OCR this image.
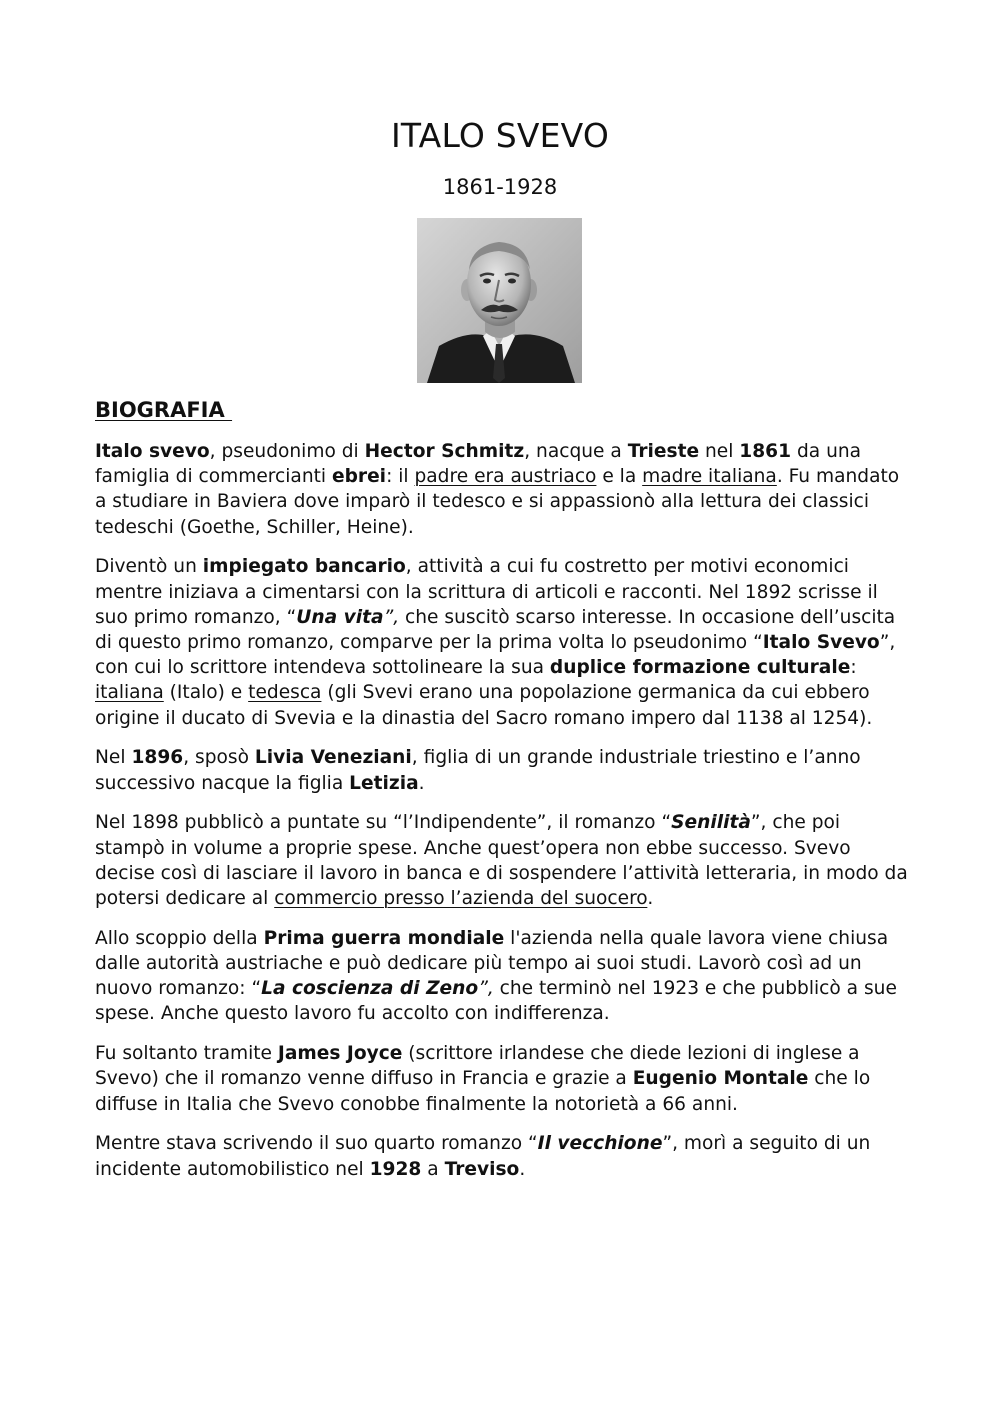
ITALO SVEVO
1861-1928
BIOGRAFIA

Italo svevo, pseudonimo di Hector Schmitz, nacque a Trieste nel 1861 da una famiglia di commercianti ebrei: il padre era austriaco e la madre italiana. Fu mandato a studiare in Baviera dove imparò il tedesco e si appassionò alla lettura dei classici tedeschi (Goethe, Schiller, Heine).

Diventò un impiegato bancario, attività a cui fu costretto per motivi economici mentre iniziava a cimentarsi con la scrittura di articoli e racconti. Nel 1892 scrisse il suo primo romanzo, “Una vita”, che suscitò scarso interesse. In occasione dell’uscita di questo primo romanzo, comparve per la prima volta lo pseudonimo “Italo Svevo”, con cui lo scrittore intendeva sottolineare la sua duplice formazione culturale: italiana (Italo) e tedesca (gli Svevi erano una popolazione germanica da cui ebbero origine il ducato di Svevia e la dinastia del Sacro romano impero dal 1138 al 1254).

Nel 1896, sposò Livia Veneziani, figlia di un grande industriale triestino e l’anno successivo nacque la figlia Letizia.

Nel 1898 pubblicò a puntate su “l’Indipendente”, il romanzo “Senilità”, che poi stampò in volume a proprie spese. Anche quest’opera non ebbe successo. Svevo decise così di lasciare il lavoro in banca e di sospendere l’attività letteraria, in modo da potersi dedicare al commercio presso l’azienda del suocero.

Allo scoppio della Prima guerra mondiale l'azienda nella quale lavora viene chiusa dalle autorità austriache e può dedicare più tempo ai suoi studi. Lavorò così ad un nuovo romanzo: “La coscienza di Zeno”, che terminò nel 1923 e che pubblicò a sue spese. Anche questo lavoro fu accolto con indifferenza.

Fu soltanto tramite James Joyce (scrittore irlandese che diede lezioni di inglese a Svevo) che il romanzo venne diffuso in Francia e grazie a Eugenio Montale che lo diffuse in Italia che Svevo conobbe finalmente la notorietà a 66 anni.

Mentre stava scrivendo il suo quarto romanzo “Il vecchione”, morì a seguito di un incidente automobilistico nel 1928 a Treviso.
